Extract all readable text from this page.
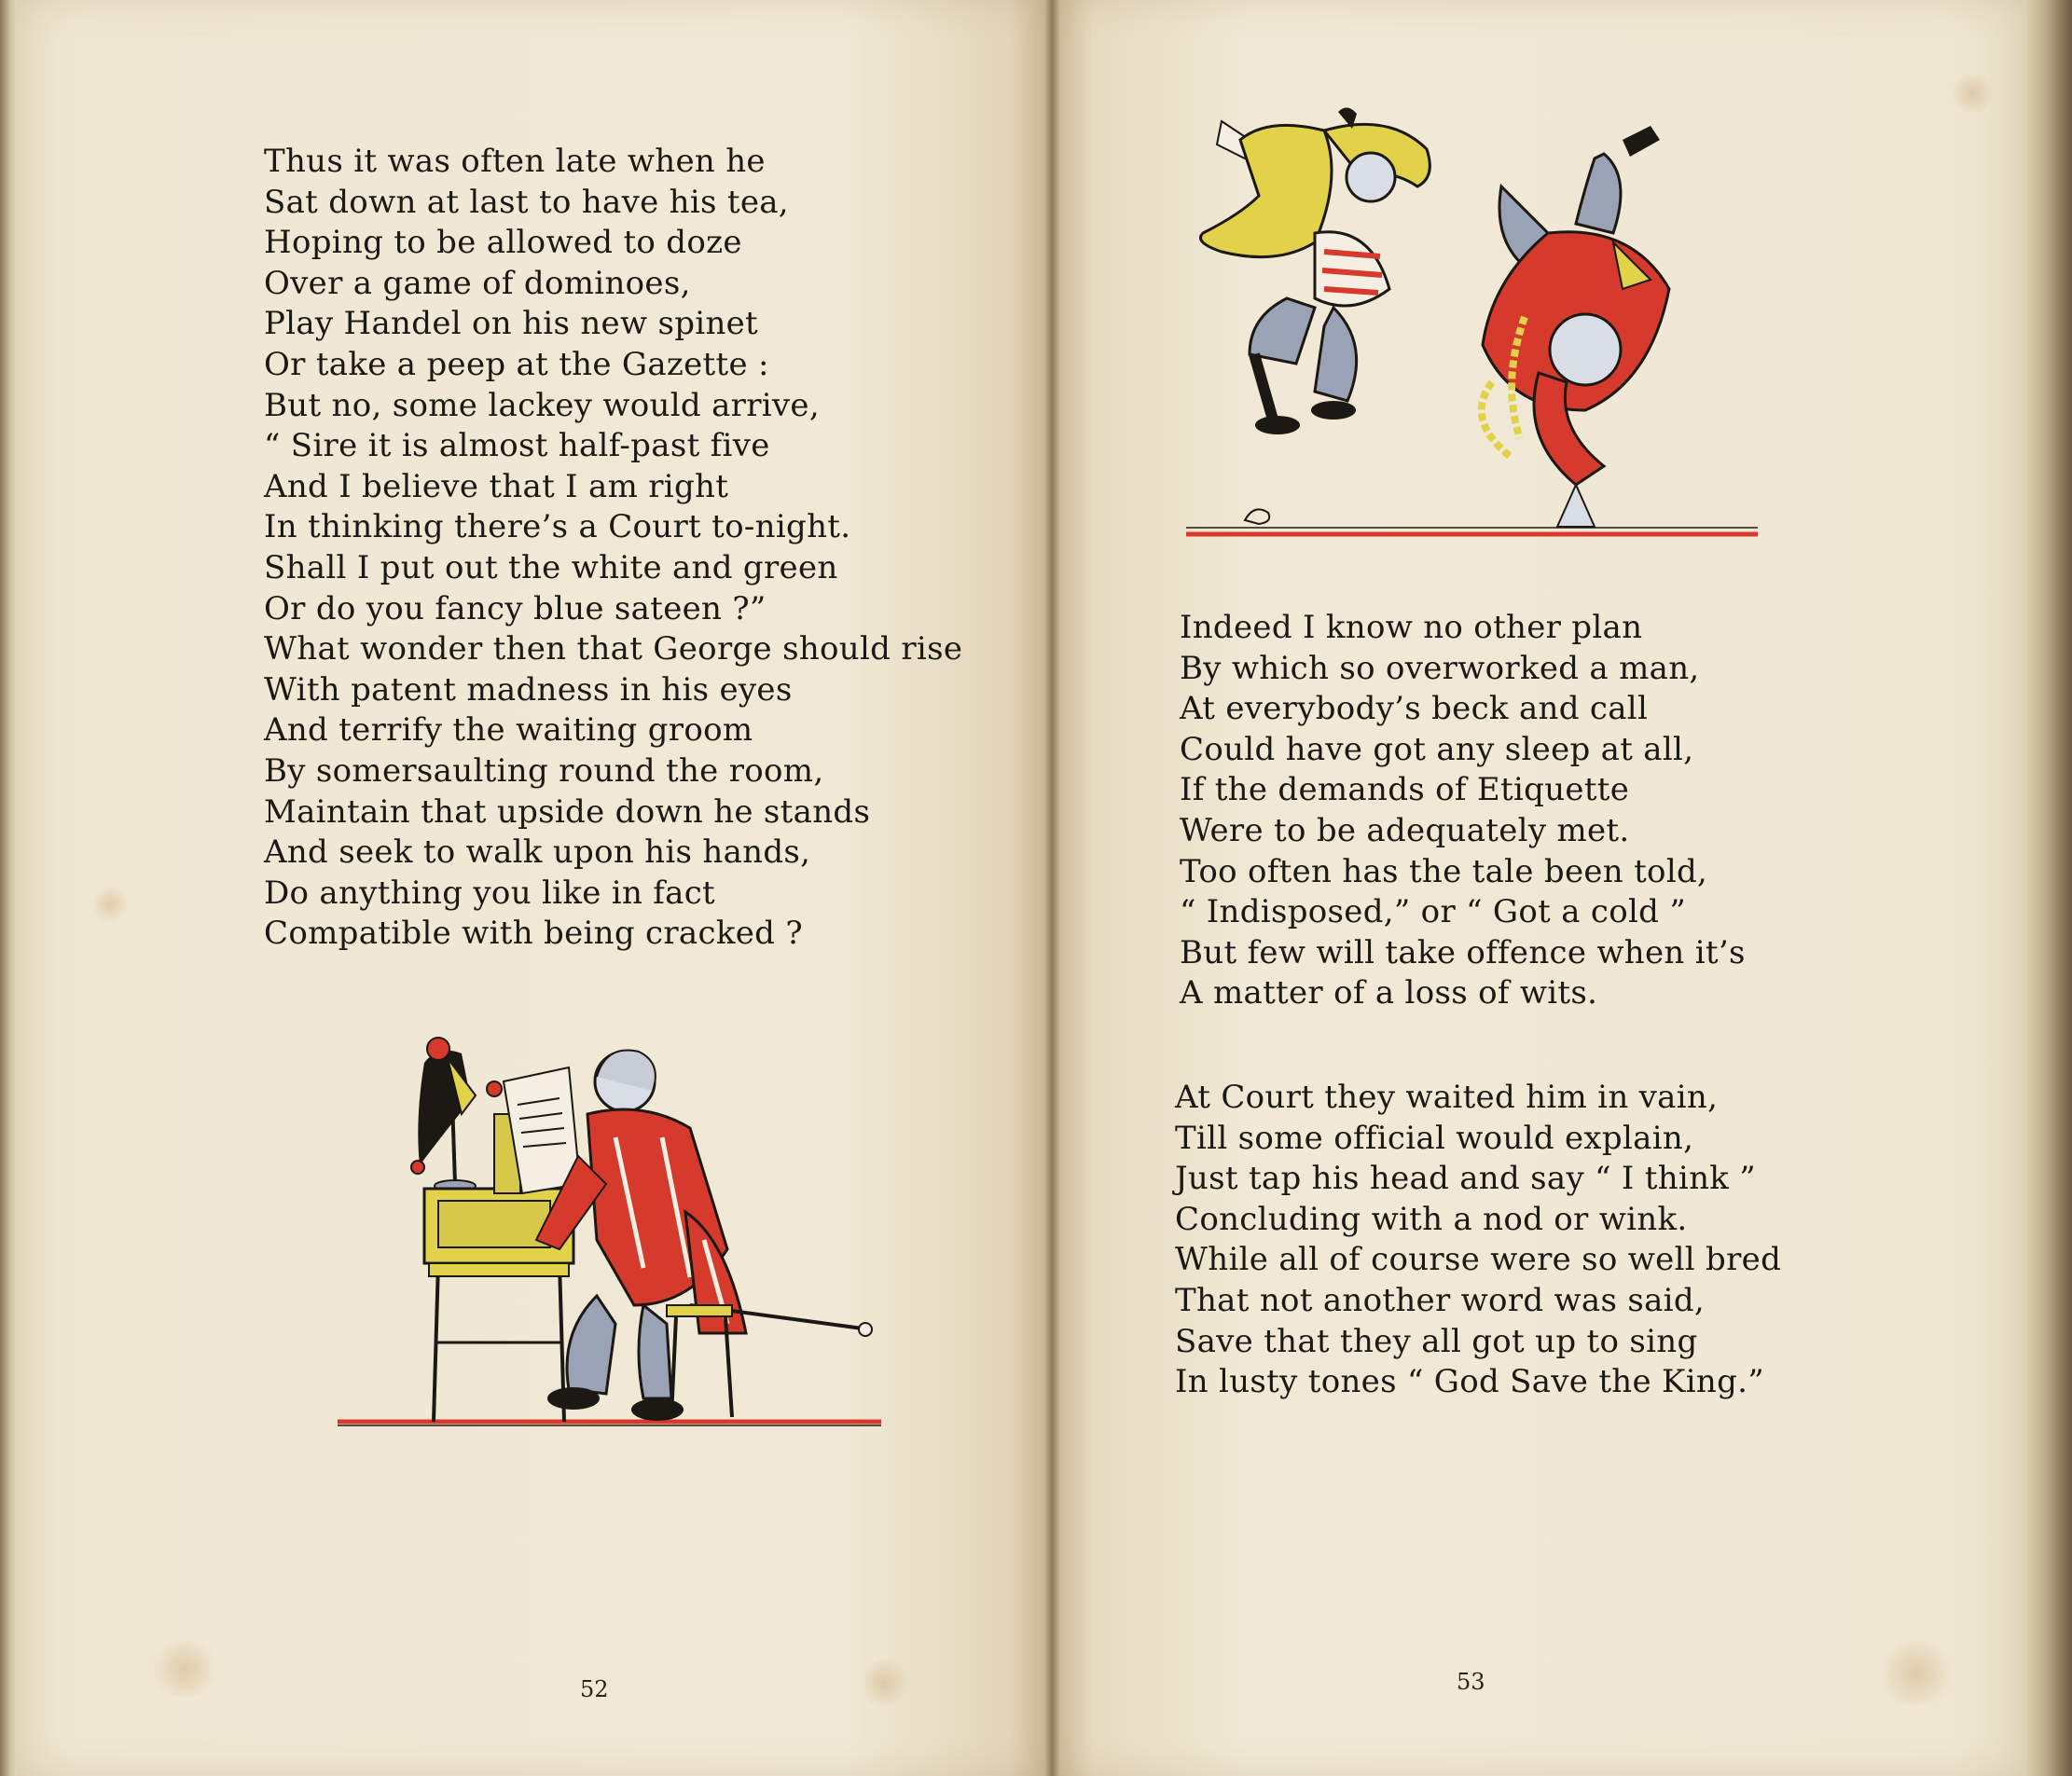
Thus it was often late when he
Sat down at last to have his tea,
Hoping to be allowed to doze
Over a game of dominoes,
Play Handel on his new spinet
Or take a peep at the Gazette :
But no, some lackey would arrive,
“ Sire it is almost half-past five
And I believe that I am right
In thinking there’s a Court to-night.
Shall I put out the white and green
Or do you fancy blue sateen ?”
What wonder then that George should rise
With patent madness in his eyes
And terrify the waiting groom
By somersaulting round the room,
Maintain that upside down he stands
And seek to walk upon his hands,
Do anything you like in fact
Compatible with being cracked ?
52
Indeed I know no other plan
By which so overworked a man,
At everybody’s beck and call
Could have got any sleep at all,
If the demands of Etiquette
Were to be adequately met.
Too often has the tale been told,
“ Indisposed,” or “ Got a cold ”
But few will take offence when it’s
A matter of a loss of wits.
At Court they waited him in vain,
Till some official would explain,
Just tap his head and say “ I think ”
Concluding with a nod or wink.
While all of course were so well bred
That not another word was said,
Save that they all got up to sing
In lusty tones “ God Save the King.”
53
